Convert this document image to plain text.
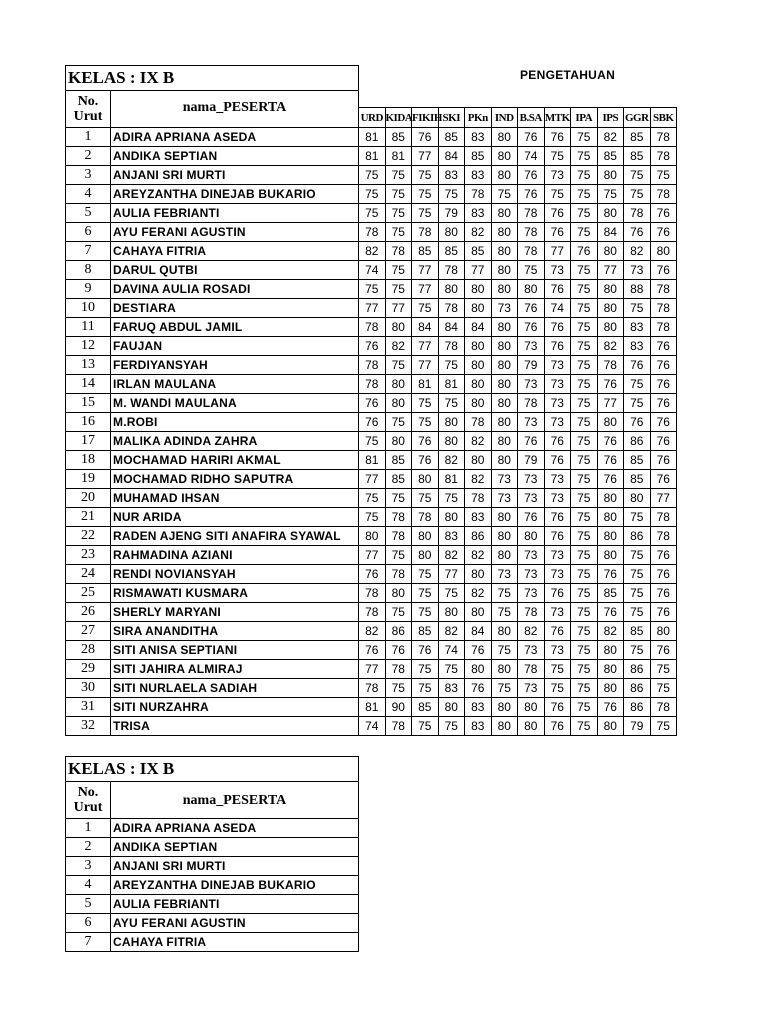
PENGETAHUAN
KELAS : IX B													

No.
Urut	nama_PESERTA												
		URD	KIDA	FIKIH	SKI	PKn	IND	B.SA	MTK	IPA	IPS	GGR	SBK
1	ADIRA APRIANA ASEDA	81	85	76	85	83	80	76	76	75	82	85	78
2	ANDIKA SEPTIAN	81	81	77	84	85	80	74	75	75	85	85	78
3	ANJANI SRI MURTI	75	75	75	83	83	80	76	73	75	80	75	75
4	AREYZANTHA DINEJAB BUKARIO	75	75	75	75	78	75	76	75	75	75	75	78
5	AULIA FEBRIANTI	75	75	75	79	83	80	78	76	75	80	78	76
6	AYU FERANI AGUSTIN	78	75	78	80	82	80	78	76	75	84	76	76
7	CAHAYA FITRIA	82	78	85	85	85	80	78	77	76	80	82	80
8	DARUL QUTBI	74	75	77	78	77	80	75	73	75	77	73	76
9	DAVINA AULIA ROSADI	75	75	77	80	80	80	80	76	75	80	88	78
10	DESTIARA	77	77	75	78	80	73	76	74	75	80	75	78
11	FARUQ ABDUL JAMIL	78	80	84	84	84	80	76	76	75	80	83	78
12	FAUJAN	76	82	77	78	80	80	73	76	75	82	83	76
13	FERDIYANSYAH	78	75	77	75	80	80	79	73	75	78	76	76
14	IRLAN MAULANA	78	80	81	81	80	80	73	73	75	76	75	76
15	M. WANDI MAULANA	76	80	75	75	80	80	78	73	75	77	75	76
16	M.ROBI	76	75	75	80	78	80	73	73	75	80	76	76
17	MALIKA ADINDA ZAHRA	75	80	76	80	82	80	76	76	75	76	86	76
18	MOCHAMAD HARIRI AKMAL	81	85	76	82	80	80	79	76	75	76	85	76
19	MOCHAMAD RIDHO SAPUTRA	77	85	80	81	82	73	73	73	75	76	85	76
20	MUHAMAD IHSAN	75	75	75	75	78	73	73	73	75	80	80	77
21	NUR ARIDA	75	78	78	80	83	80	76	76	75	80	75	78
22	RADEN AJENG SITI ANAFIRA SYAWAL	80	78	80	83	86	80	80	76	75	80	86	78
23	RAHMADINA AZIANI	77	75	80	82	82	80	73	73	75	80	75	76
24	RENDI NOVIANSYAH	76	78	75	77	80	73	73	73	75	76	75	76
25	RISMAWATI KUSMARA	78	80	75	75	82	75	73	76	75	85	75	76
26	SHERLY MARYANI	78	75	75	80	80	75	78	73	75	76	75	76
27	SIRA ANANDITHA	82	86	85	82	84	80	82	76	75	82	85	80
28	SITI ANISA SEPTIANI	76	76	76	74	76	75	73	73	75	80	75	76
29	SITI JAHIRA ALMIRAJ	77	78	75	75	80	80	78	75	75	80	86	75
30	SITI NURLAELA SADIAH	78	75	75	83	76	75	73	75	75	80	86	75
31	SITI NURZAHRA	81	90	85	80	83	80	80	76	75	76	86	78
32	TRISA	74	78	75	75	83	80	80	76	75	80	79	75
KELAS : IX B	

No.
Urut	nama_PESERTA
1	ADIRA APRIANA ASEDA
2	ANDIKA SEPTIAN
3	ANJANI SRI MURTI
4	AREYZANTHA DINEJAB BUKARIO
5	AULIA FEBRIANTI
6	AYU FERANI AGUSTIN
7	CAHAYA FITRIA
